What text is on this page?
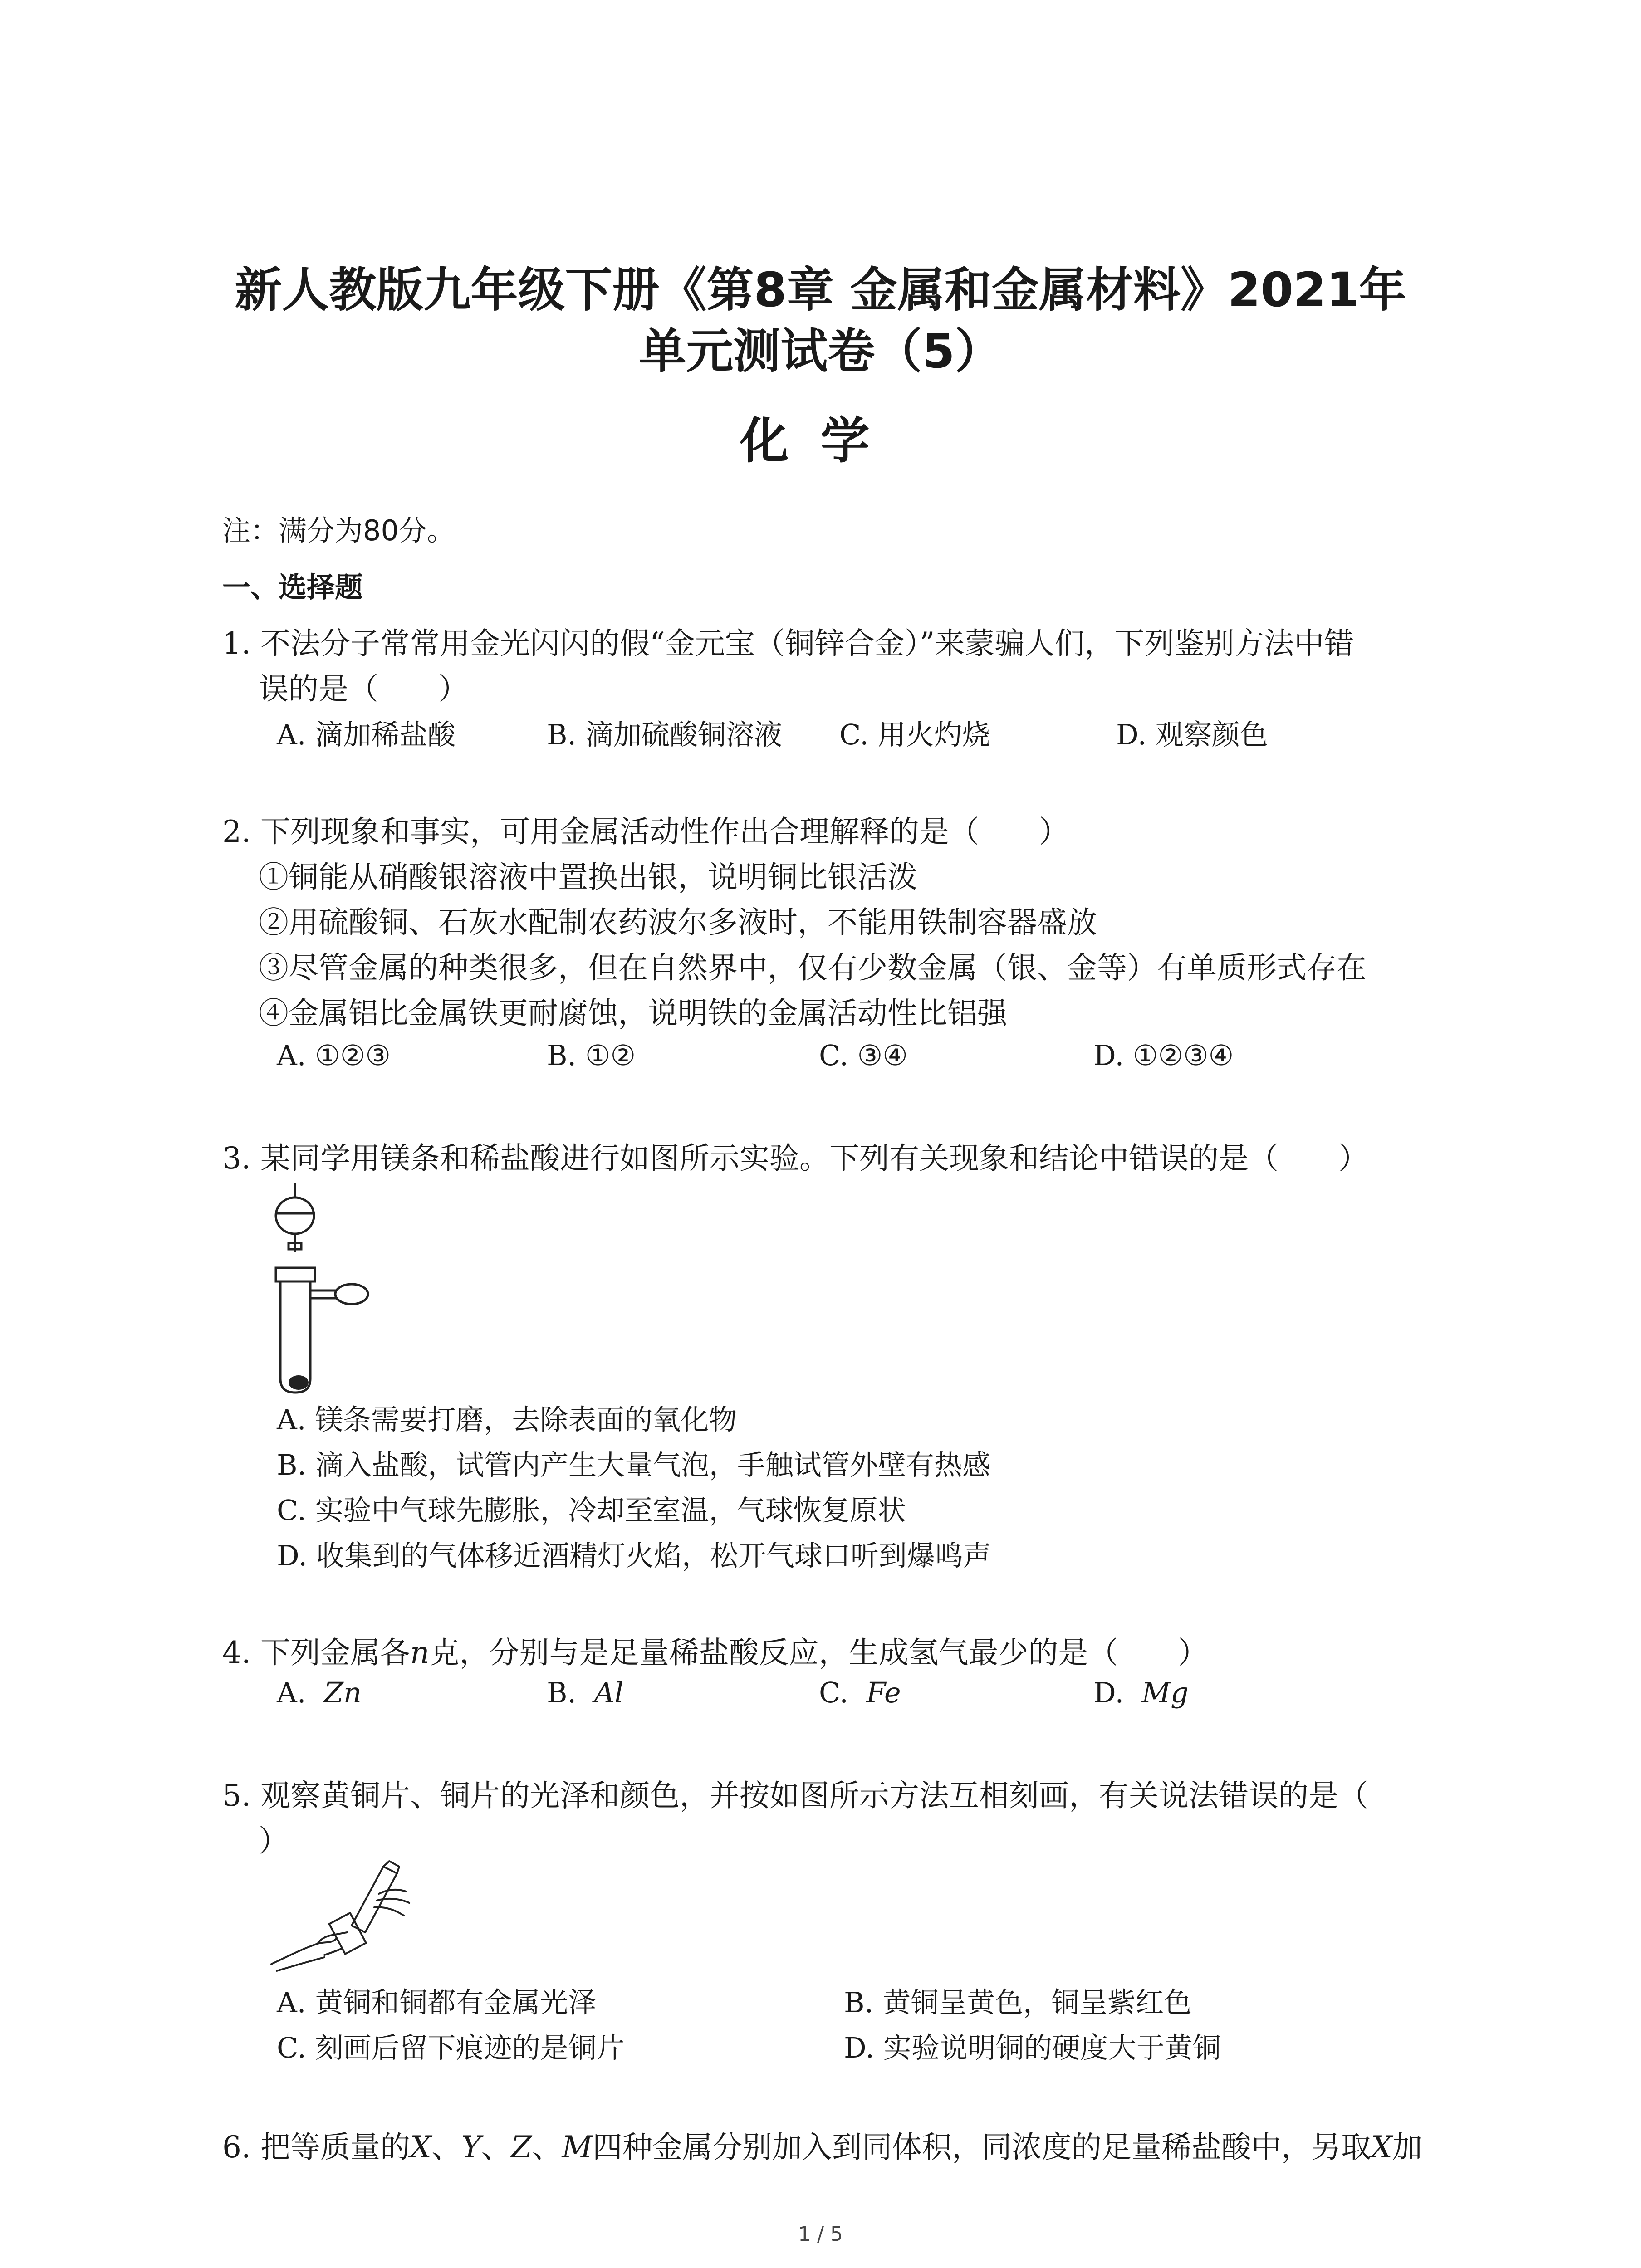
新人教版九年级下册《第8章 金属和金属材料》2021年
单元测试卷（5）
化学
注：满分为80分。
一、选择题
1. 不法分子常常用金光闪闪的假“金元宝（铜锌合金）”来蒙骗人们，下列鉴别方法中错
误的是（　　）
A. 滴加稀盐酸	B. 滴加硫酸铜溶液 C. 用火灼烧	D. 观察颜色
2. 下列现象和事实，可用金属活动性作出合理解释的是（　　）
①铜能从硝酸银溶液中置换出银，说明铜比银活泼
②用硫酸铜、石灰水配制农药波尔多液时，不能用铁制容器盛放
③尽管金属的种类很多，但在自然界中，仅有少数金属（银、金等）有单质形式存在
④金属铝比金属铁更耐腐蚀，说明铁的金属活动性比铝强
A. ①②③	B. ①②	C. ③④	D. ①②③④
3. 某同学用镁条和稀盐酸进行如图所示实验。下列有关现象和结论中错误的是（　　）
A. 镁条需要打磨，去除表面的氧化物
B. 滴入盐酸，试管内产生大量气泡，手触试管外壁有热感
C. 实验中气球先膨胀，冷却至室温，气球恢复原状
D. 收集到的气体移近酒精灯火焰，松开气球口听到爆鸣声
4. 下列金属各n克，分别与是足量稀盐酸反应，生成氢气最少的是（　　）
A. Zn	B. Al	C. Fe	D. Mg
5. 观察黄铜片、铜片的光泽和颜色，并按如图所示方法互相刻画，有关说法错误的是（
）
A. 黄铜和铜都有金属光泽	B. 黄铜呈黄色，铜呈紫红色
C. 刻画后留下痕迹的是铜片	D. 实验说明铜的硬度大于黄铜
6. 把等质量的X、Y、Z、M四种金属分别加入到同体积，同浓度的足量稀盐酸中，另取X加
1 / 5
